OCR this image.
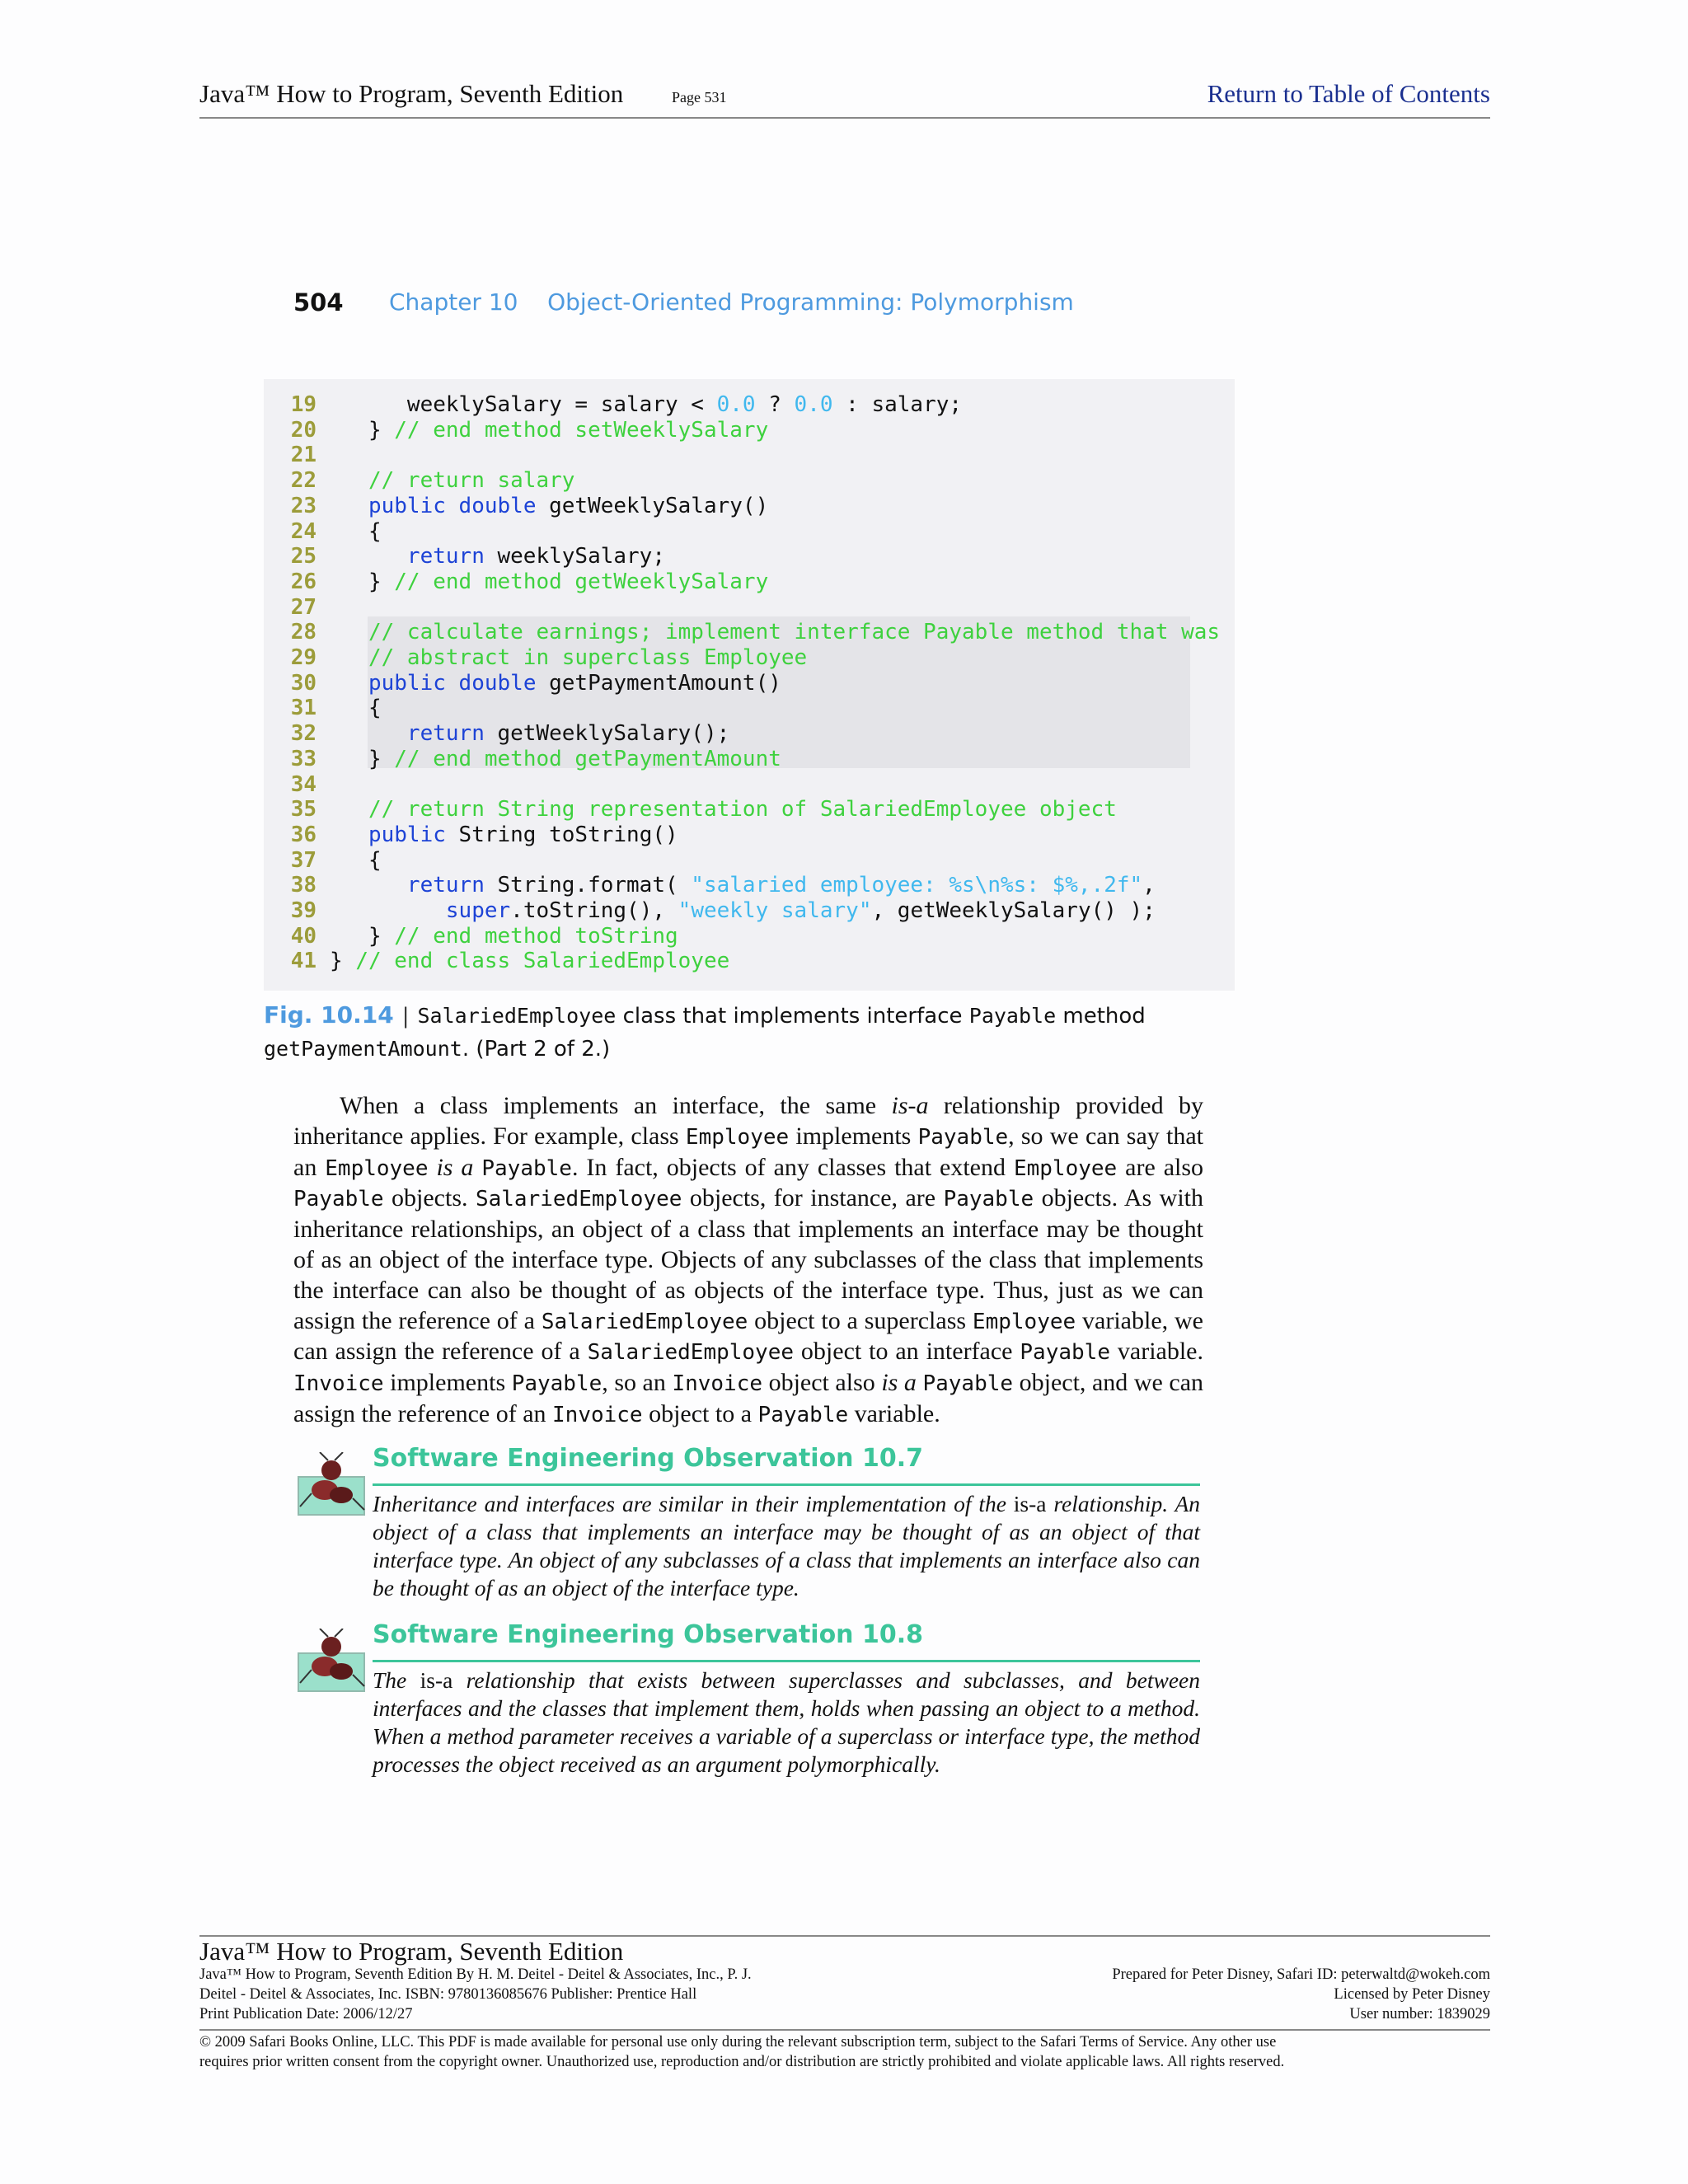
Java™ How to Program, Seventh Edition	Page 531	Return to Table of Contents
504 Chapter 10    Object-Oriented Programming: Polymorphism
19 weeklySalary = salary < 0.0 ? 0.0 : salary;
20 } // end method setWeeklySalary
21
22	// return salary
23	public double getWeeklySalary()
24 {
25	return weeklySalary;
26 } // end method getWeeklySalary
27
28	// calculate earnings; implement interface Payable method that was
29	// abstract in superclass Employee
30	public double getPaymentAmount()
31 {
32	return getWeeklySalary();
33 } // end method getPaymentAmount
34
35	// return String representation of SalariedEmployee object
36	public String toString()
37 {
38	return String.format( "salaried employee: %s\n%s: $%,.2f",
39	super.toString(), "weekly salary", getWeeklySalary() );
40 } // end method toString
41 } // end class SalariedEmployee
Fig. 10.14 | SalariedEmployee class that implements interface Payable method
getPaymentAmount. (Part 2 of 2.)
When a class implements an interface, the same is-a relationship provided by inheritance applies. For example, class Employee implements Payable, so we can say that an Employee is a Payable. In fact, objects of any classes that extend Employee are also Payable objects. SalariedEmployee objects, for instance, are Payable objects. As with inheritance relationships, an object of a class that implements an interface may be thought of as an object of the interface type. Objects of any subclasses of the class that implements the interface can also be thought of as objects of the interface type. Thus, just as we can assign the reference of a SalariedEmployee object to a superclass Employee variable, we can assign the reference of a SalariedEmployee object to an interface Payable variable. Invoice implements Payable, so an Invoice object also is a Payable object, and we can assign the reference of an Invoice object to a Payable variable.
Software Engineering Observation 10.7
Inheritance and interfaces are similar in their implementation of the is-a relationship. An object of a class that implements an interface may be thought of as an object of that interface type. An object of any subclasses of a class that implements an interface also can be thought of as an object of the interface type.
Software Engineering Observation 10.8
The is-a relationship that exists between superclasses and subclasses, and between interfaces and the classes that implement them, holds when passing an object to a method. When a method parameter receives a variable of a superclass or interface type, the method processes the object received as an argument polymorphically.
Java™ How to Program, Seventh Edition
Java™ How to Program, Seventh Edition By H. M. Deitel - Deitel & Associates, Inc., P. J.
Deitel - Deitel & Associates, Inc. ISBN: 9780136085676 Publisher: Prentice Hall
Print Publication Date: 2006/12/27
Prepared for Peter Disney, Safari ID: peterwaltd@wokeh.com
Licensed by Peter Disney
User number: 1839029
© 2009 Safari Books Online, LLC. This PDF is made available for personal use only during the relevant subscription term, subject to the Safari Terms of Service. Any other use
requires prior written consent from the copyright owner. Unauthorized use, reproduction and/or distribution are strictly prohibited and violate applicable laws. All rights reserved.
